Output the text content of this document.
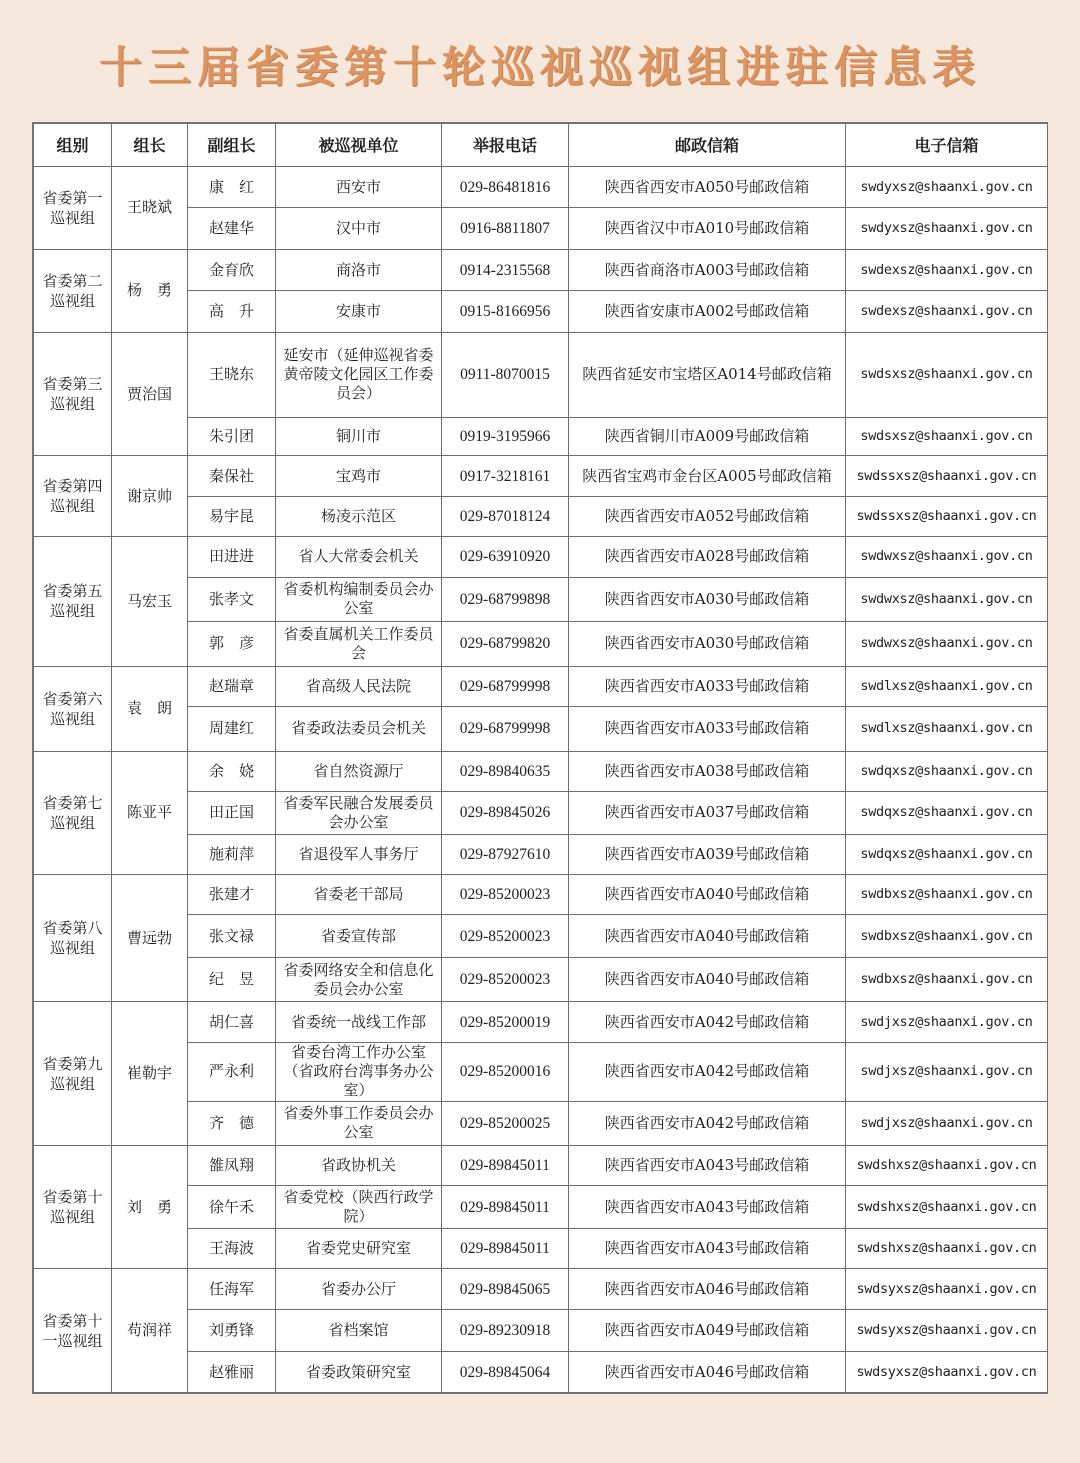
十三届省委第十轮巡视巡视组进驻信息表
组别	组长	副组长	被巡视单位	举报电话	邮政信箱	电子信箱
省委第一巡视组	王晓斌	康　红	西安市	029-86481816	陕西省西安市A050号邮政信箱	swdyxsz@shaanxi.gov.cn
		赵建华	汉中市	0916-8811807	陕西省汉中市A010号邮政信箱	swdyxsz@shaanxi.gov.cn
省委第二巡视组	杨　勇	金育欣	商洛市	0914-2315568	陕西省商洛市A003号邮政信箱	swdexsz@shaanxi.gov.cn
		高　升	安康市	0915-8166956	陕西省安康市A002号邮政信箱	swdexsz@shaanxi.gov.cn
省委第三巡视组	贾治国	王晓东	延安市（延伸巡视省委黄帝陵文化园区工作委员会）	0911-8070015	陕西省延安市宝塔区A014号邮政信箱	swdsxsz@shaanxi.gov.cn
		朱引团	铜川市	0919-3195966	陕西省铜川市A009号邮政信箱	swdsxsz@shaanxi.gov.cn
省委第四巡视组	谢京帅	秦保社	宝鸡市	0917-3218161	陕西省宝鸡市金台区A005号邮政信箱	swdssxsz@shaanxi.gov.cn
		易宇昆	杨凌示范区	029-87018124	陕西省西安市A052号邮政信箱	swdssxsz@shaanxi.gov.cn
省委第五巡视组	马宏玉	田进进	省人大常委会机关	029-63910920	陕西省西安市A028号邮政信箱	swdwxsz@shaanxi.gov.cn
		张孝文	省委机构编制委员会办公室	029-68799898	陕西省西安市A030号邮政信箱	swdwxsz@shaanxi.gov.cn
		郭　彦	省委直属机关工作委员会	029-68799820	陕西省西安市A030号邮政信箱	swdwxsz@shaanxi.gov.cn
省委第六巡视组	袁　朗	赵瑞章	省高级人民法院	029-68799998	陕西省西安市A033号邮政信箱	swdlxsz@shaanxi.gov.cn
		周建红	省委政法委员会机关	029-68799998	陕西省西安市A033号邮政信箱	swdlxsz@shaanxi.gov.cn
省委第七巡视组	陈亚平	余　娆	省自然资源厅	029-89840635	陕西省西安市A038号邮政信箱	swdqxsz@shaanxi.gov.cn
		田正国	省委军民融合发展委员会办公室	029-89845026	陕西省西安市A037号邮政信箱	swdqxsz@shaanxi.gov.cn
		施莉萍	省退役军人事务厅	029-87927610	陕西省西安市A039号邮政信箱	swdqxsz@shaanxi.gov.cn
省委第八巡视组	曹远勃	张建才	省委老干部局	029-85200023	陕西省西安市A040号邮政信箱	swdbxsz@shaanxi.gov.cn
		张文禄	省委宣传部	029-85200023	陕西省西安市A040号邮政信箱	swdbxsz@shaanxi.gov.cn
		纪　昱	省委网络安全和信息化委员会办公室	029-85200023	陕西省西安市A040号邮政信箱	swdbxsz@shaanxi.gov.cn
省委第九巡视组	崔勒宇	胡仁喜	省委统一战线工作部	029-85200019	陕西省西安市A042号邮政信箱	swdjxsz@shaanxi.gov.cn
		严永利	省委台湾工作办公室（省政府台湾事务办公室）	029-85200016	陕西省西安市A042号邮政信箱	swdjxsz@shaanxi.gov.cn
		齐　德	省委外事工作委员会办公室	029-85200025	陕西省西安市A042号邮政信箱	swdjxsz@shaanxi.gov.cn
省委第十巡视组	刘　勇	雒凤翔	省政协机关	029-89845011	陕西省西安市A043号邮政信箱	swdshxsz@shaanxi.gov.cn
		徐午禾	省委党校（陕西行政学院）	029-89845011	陕西省西安市A043号邮政信箱	swdshxsz@shaanxi.gov.cn
		王海波	省委党史研究室	029-89845011	陕西省西安市A043号邮政信箱	swdshxsz@shaanxi.gov.cn
省委第十一巡视组	苟润祥	任海军	省委办公厅	029-89845065	陕西省西安市A046号邮政信箱	swdsyxsz@shaanxi.gov.cn
		刘勇锋	省档案馆	029-89230918	陕西省西安市A049号邮政信箱	swdsyxsz@shaanxi.gov.cn
		赵雅丽	省委政策研究室	029-89845064	陕西省西安市A046号邮政信箱	swdsyxsz@shaanxi.gov.cn
